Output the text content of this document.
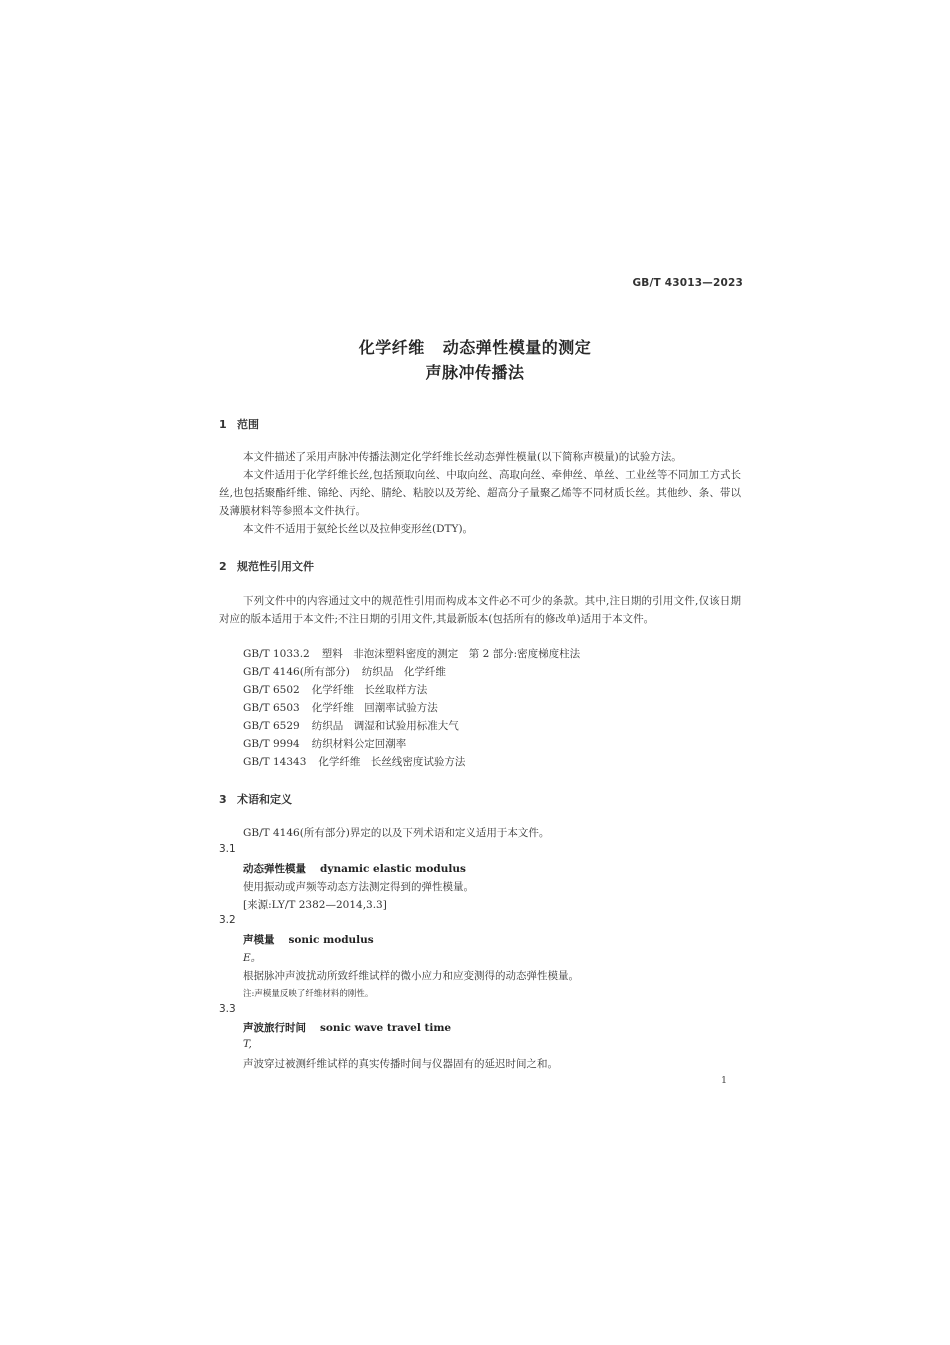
GB/T 43013—2023
化学纤维 动态弹性模量的测定
声脉冲传播法
1 范围
本文件描述了采用声脉冲传播法测定化学纤维长丝动态弹性模量(以下简称声模量)的试验方法。
本文件适用于化学纤维长丝,包括预取向丝、中取向丝、高取向丝、牵伸丝、单丝、工业丝等不同加工方式长丝,也包括聚酯纤维、锦纶、丙纶、腈纶、粘胶以及芳纶、超高分子量聚乙烯等不同材质长丝。其他纱、条、带以及薄膜材料等参照本文件执行。
本文件不适用于氨纶长丝以及拉伸变形丝(DTY)。
2 规范性引用文件
下列文件中的内容通过文中的规范性引用而构成本文件必不可少的条款。其中,注日期的引用文件,仅该日期对应的版本适用于本文件;不注日期的引用文件,其最新版本(包括所有的修改单)适用于本文件。
GB/T 1033.2 塑料　非泡沫塑料密度的测定　第 2 部分:密度梯度柱法
GB/T 4146(所有部分) 纺织品　化学纤维
GB/T 6502 化学纤维　长丝取样方法
GB/T 6503 化学纤维　回潮率试验方法
GB/T 6529 纺织品　调湿和试验用标准大气
GB/T 9994 纺织材料公定回潮率
GB/T 14343 化学纤维　长丝线密度试验方法
3 术语和定义
GB/T 4146(所有部分)界定的以及下列术语和定义适用于本文件。
3.1
动态弹性模量 dynamic elastic modulus
使用振动或声频等动态方法测定得到的弹性模量。
[来源:LY/T 2382—2014,3.3]
3.2
声模量 sonic modulus
E。
根据脉冲声波扰动所致纤维试样的微小应力和应变测得的动态弹性模量。
注:声模量反映了纤维材料的刚性。
3.3
声波旅行时间 sonic wave travel time
T,
声波穿过被测纤维试样的真实传播时间与仪器固有的延迟时间之和。
1
